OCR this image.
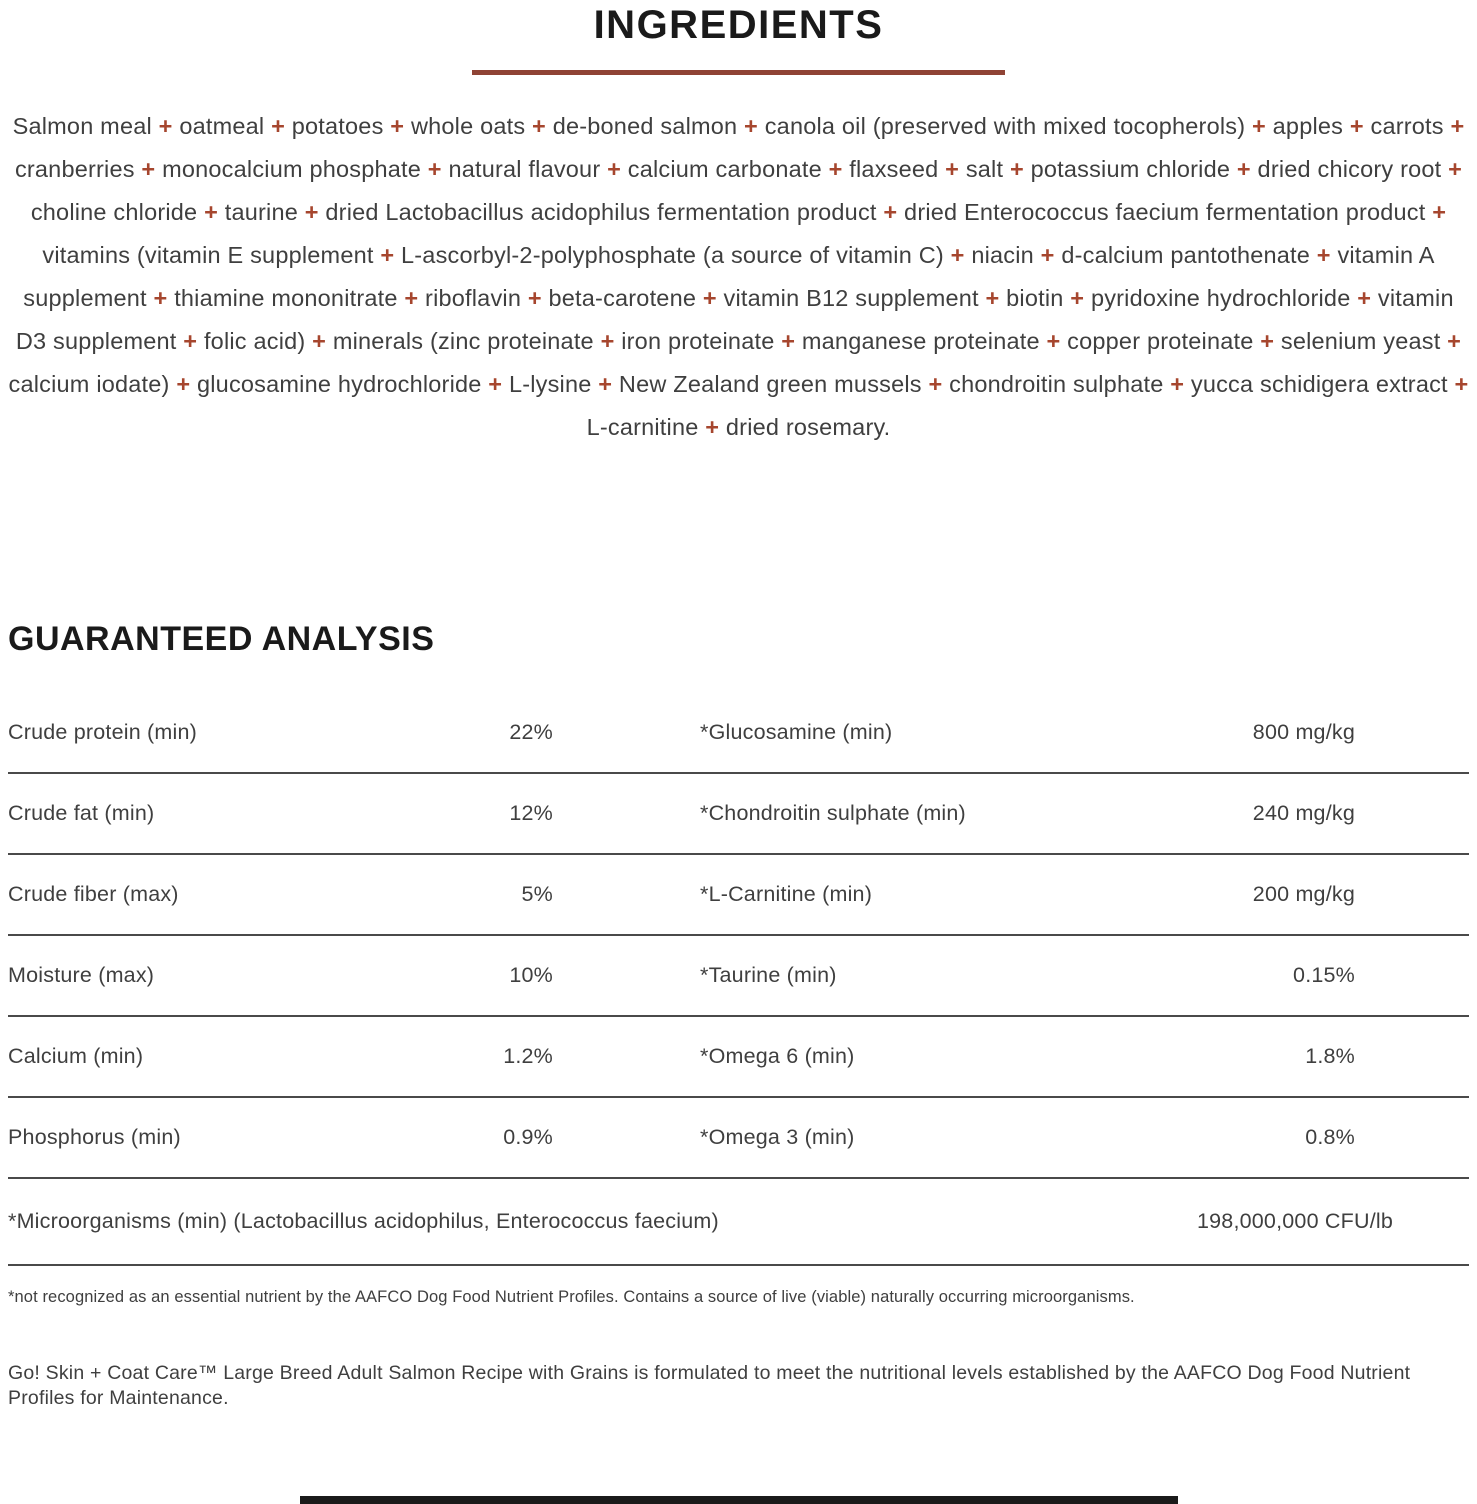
INGREDIENTS

Salmon meal + oatmeal + potatoes + whole oats + de-boned salmon + canola oil (preserved with mixed tocopherols) + apples + carrots + cranberries + monocalcium phosphate + natural flavour + calcium carbonate + flaxseed + salt + potassium chloride + dried chicory root + choline chloride + taurine + dried Lactobacillus acidophilus fermentation product + dried Enterococcus faecium fermentation product + vitamins (vitamin E supplement + L-ascorbyl-2-polyphosphate (a source of vitamin C) + niacin + d-calcium pantothenate + vitamin A supplement + thiamine mononitrate + riboflavin + beta-carotene + vitamin B12 supplement + biotin + pyridoxine hydrochloride + vitamin D3 supplement + folic acid) + minerals (zinc proteinate + iron proteinate + manganese proteinate + copper proteinate + selenium yeast + calcium iodate) + glucosamine hydrochloride + L-lysine + New Zealand green mussels + chondroitin sulphate + yucca schidigera extract + L-carnitine + dried rosemary.

GUARANTEED ANALYSIS
Crude protein (min)	22%	*Glucosamine (min)	800 mg/kg
Crude fat (min)	12%	*Chondroitin sulphate (min)	240 mg/kg
Crude fiber (max)	5%	*L-Carnitine (min)	200 mg/kg
Moisture (max)	10%	*Taurine (min)	0.15%
Calcium (min)	1.2%	*Omega 6 (min)	1.8%
Phosphorus (min)	0.9%	*Omega 3 (min)	0.8%
*Microorganisms (min) (Lactobacillus acidophilus, Enterococcus faecium)	198,000,000 CFU/lb

*not recognized as an essential nutrient by the AAFCO Dog Food Nutrient Profiles. Contains a source of live (viable) naturally occurring microorganisms.

Go! Skin + Coat Care™ Large Breed Adult Salmon Recipe with Grains is formulated to meet the nutritional levels established by the AAFCO Dog Food Nutrient Profiles for Maintenance.
